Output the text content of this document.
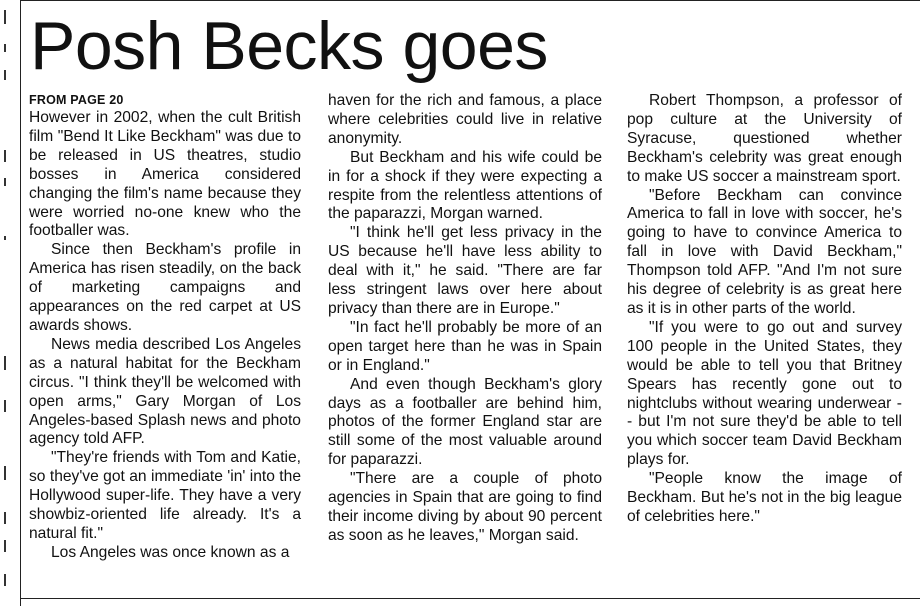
Posh Becks goes
FROM PAGE 20

However in 2002, when the cult British film "Bend It Like Beckham" was due to be released in US theatres, studio bosses in America considered changing the film's name because they were worried no-one knew who the footballer was.

Since then Beckham's profile in America has risen steadily, on the back of marketing campaigns and appearances on the red carpet at US awards shows.

News media described Los Angeles as a natural habitat for the Beckham circus. "I think they'll be welcomed with open arms," Gary Morgan of Los Angeles-based Splash news and photo agency told AFP.

"They're friends with Tom and Katie, so they've got an immediate 'in' into the Hollywood super-life. They have a very showbiz-oriented life already. It's a natural fit."

Los Angeles was once known as a

haven for the rich and famous, a place where celebrities could live in relative anonymity.

But Beckham and his wife could be in for a shock if they were expecting a respite from the relentless attentions of the paparazzi, Morgan warned.

"I think he'll get less privacy in the US because he'll have less ability to deal with it," he said. "There are far less stringent laws over here about privacy than there are in Europe."

"In fact he'll probably be more of an open target here than he was in Spain or in England."

And even though Beckham's glory days as a footballer are behind him, photos of the former England star are still some of the most valuable around for paparazzi.

"There are a couple of photo agencies in Spain that are going to find their income diving by about 90 percent as soon as he leaves," Morgan said.

Robert Thompson, a professor of pop culture at the University of Syracuse, questioned whether Beckham's celebrity was great enough to make US soccer a mainstream sport.

"Before Beckham can convince America to fall in love with soccer, he's going to have to convince America to fall in love with David Beckham," Thompson told AFP. "And I'm not sure his degree of celebrity is as great here as it is in other parts of the world.

"If you were to go out and survey 100 people in the United States, they would be able to tell you that Britney Spears has recently gone out to nightclubs without wearing underwear -- but I'm not sure they'd be able to tell you which soccer team David Beckham plays for.

"People know the image of Beckham. But he's not in the big league of celebrities here."
